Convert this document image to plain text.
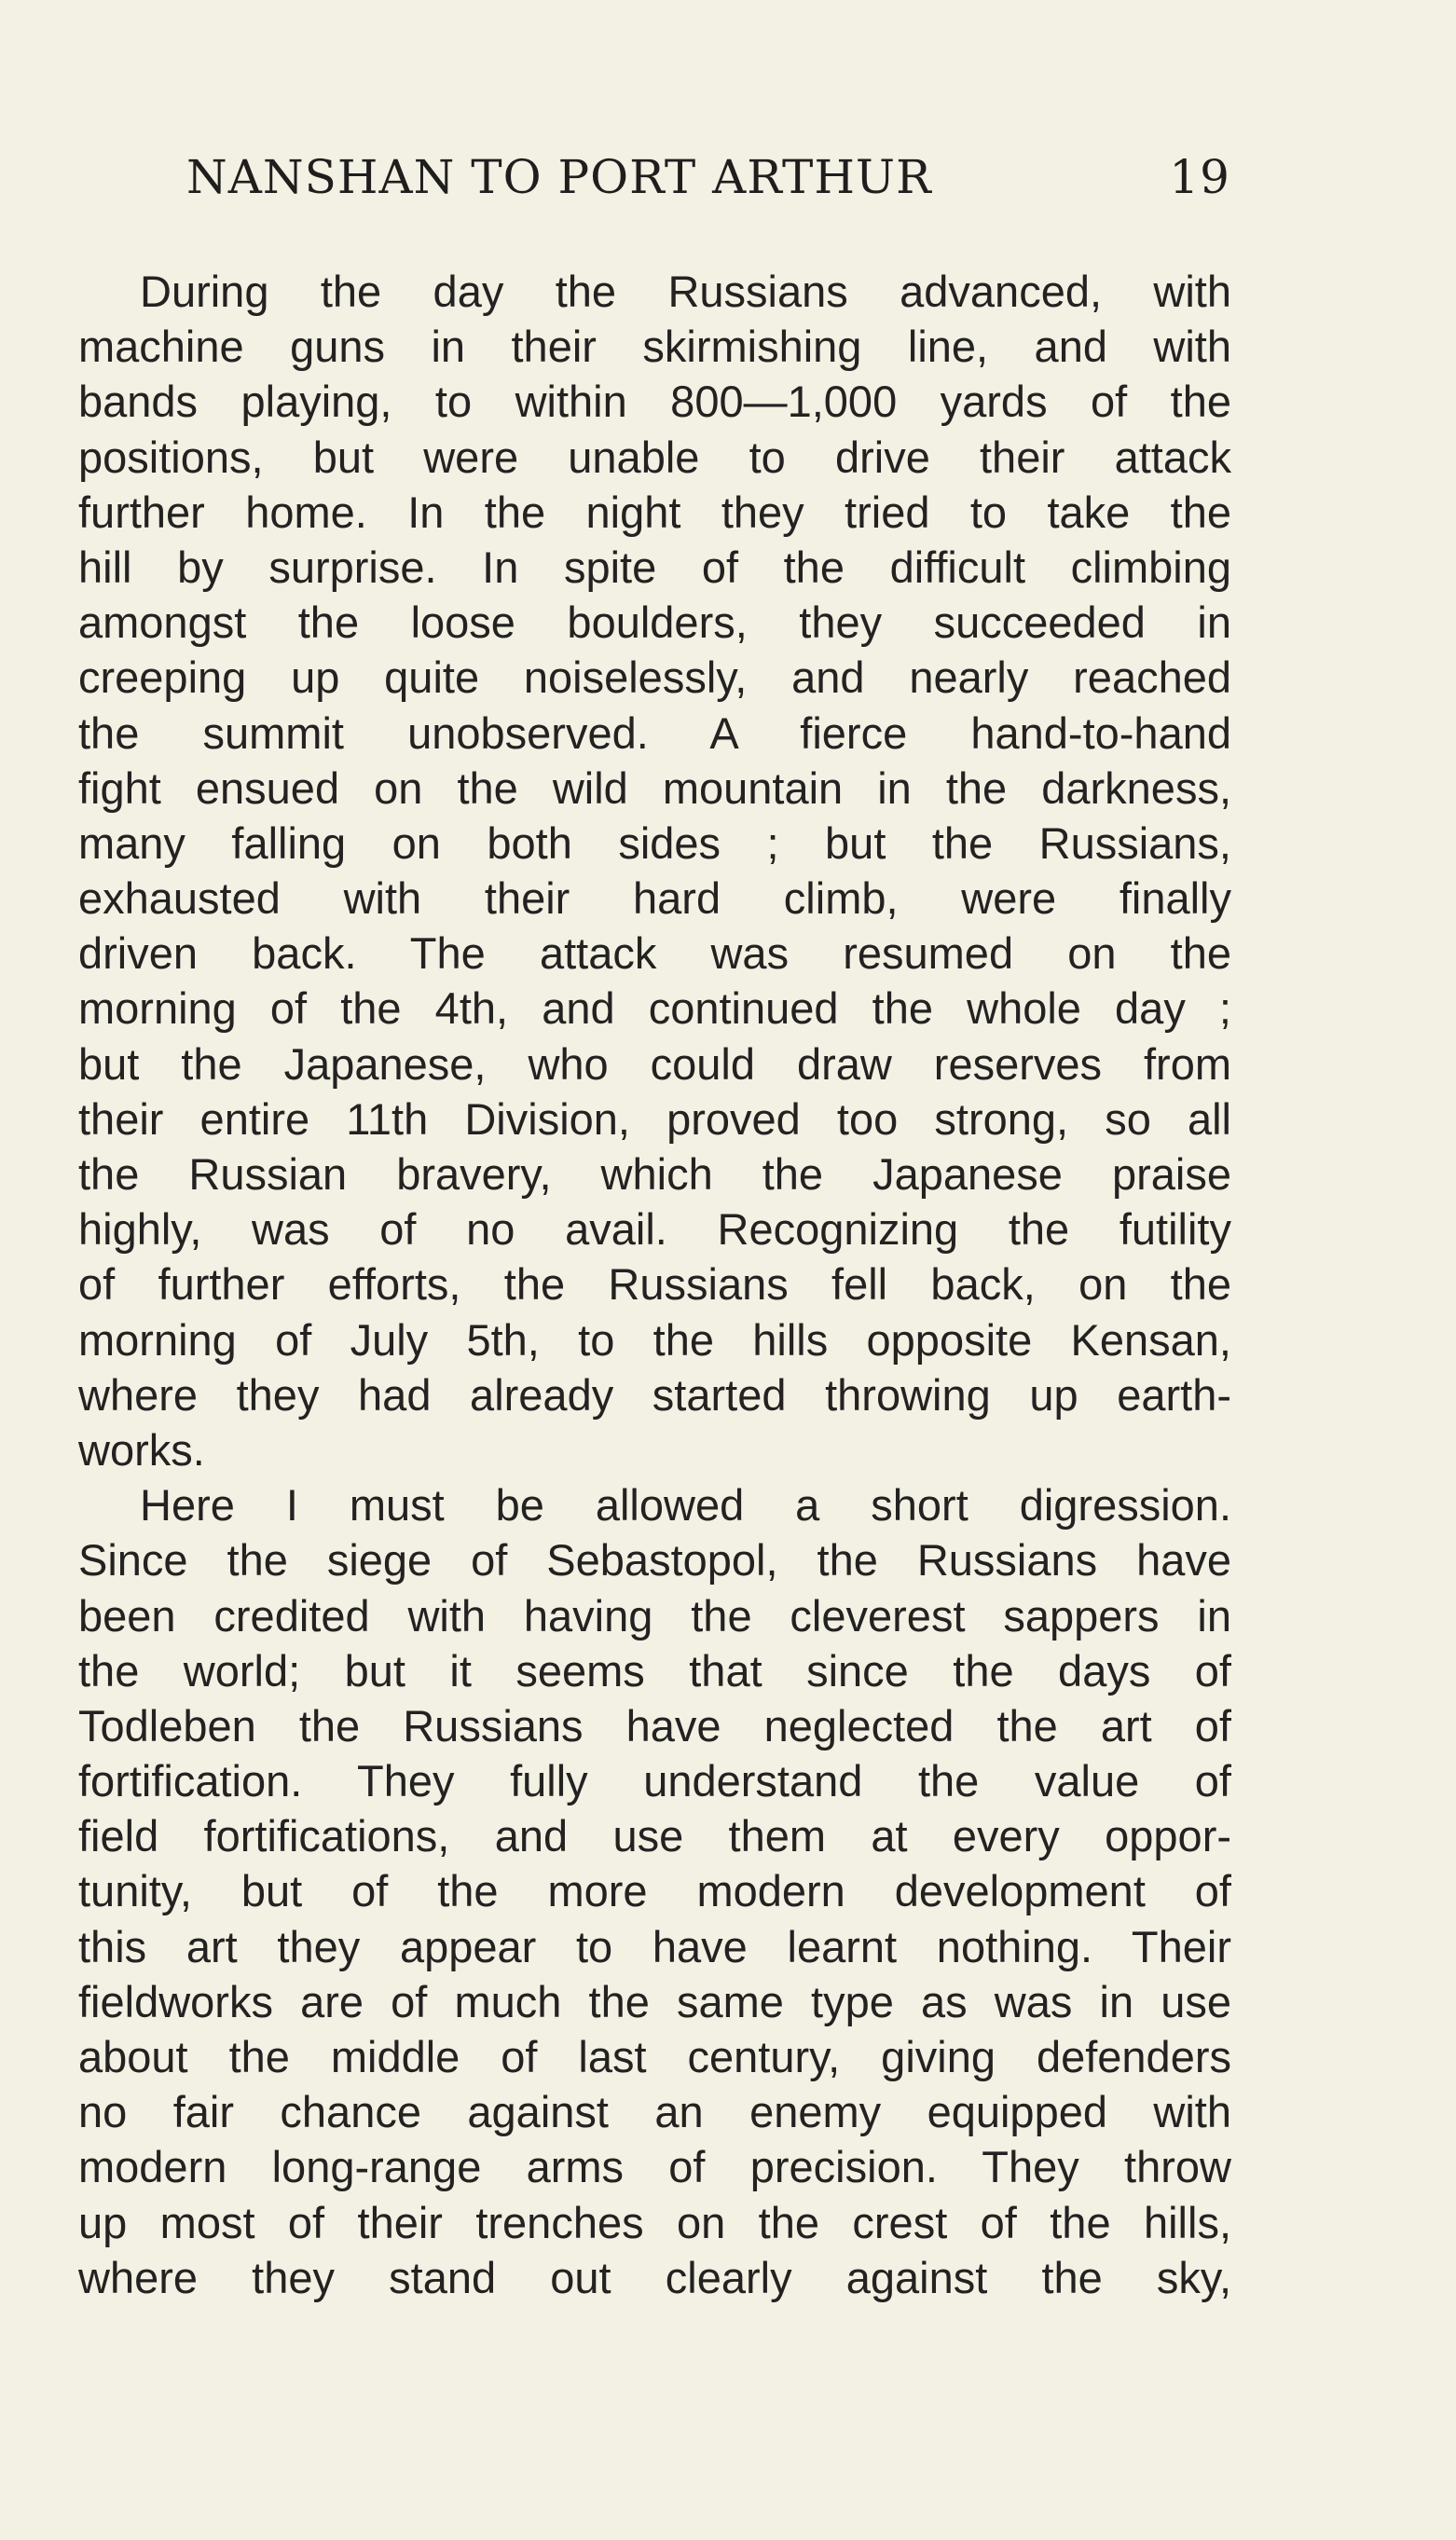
NANSHAN TO PORT ARTHUR	19
During the day the Russians advanced, with
machine guns in their skirmishing line, and with
bands playing, to within 800—1,000 yards of the
positions, but were unable to drive their attack
further home. In the night they tried to take the
hill by surprise. In spite of the difficult climbing
amongst the loose boulders, they succeeded in
creeping up quite noiselessly, and nearly reached
the summit unobserved. A fierce hand-to-hand
fight ensued on the wild mountain in the darkness,
many falling on both sides ; but the Russians,
exhausted with their hard climb, were finally
driven back. The attack was resumed on the
morning of the 4th, and continued the whole day ;
but the Japanese, who could draw reserves from
their entire 11th Division, proved too strong, so all
the Russian bravery, which the Japanese praise
highly, was of no avail. Recognizing the futility
of further efforts, the Russians fell back, on the
morning of July 5th, to the hills opposite Kensan,
where they had already started throwing up earth-
works.
Here I must be allowed a short digression.
Since the siege of Sebastopol, the Russians have
been credited with having the cleverest sappers in
the world; but it seems that since the days of
Todleben the Russians have neglected the art of
fortification. They fully understand the value of
field fortifications, and use them at every oppor-
tunity, but of the more modern development of
this art they appear to have learnt nothing. Their
fieldworks are of much the same type as was in use
about the middle of last century, giving defenders
no fair chance against an enemy equipped with
modern long-range arms of precision. They throw
up most of their trenches on the crest of the hills,
where they stand out clearly against the sky,
